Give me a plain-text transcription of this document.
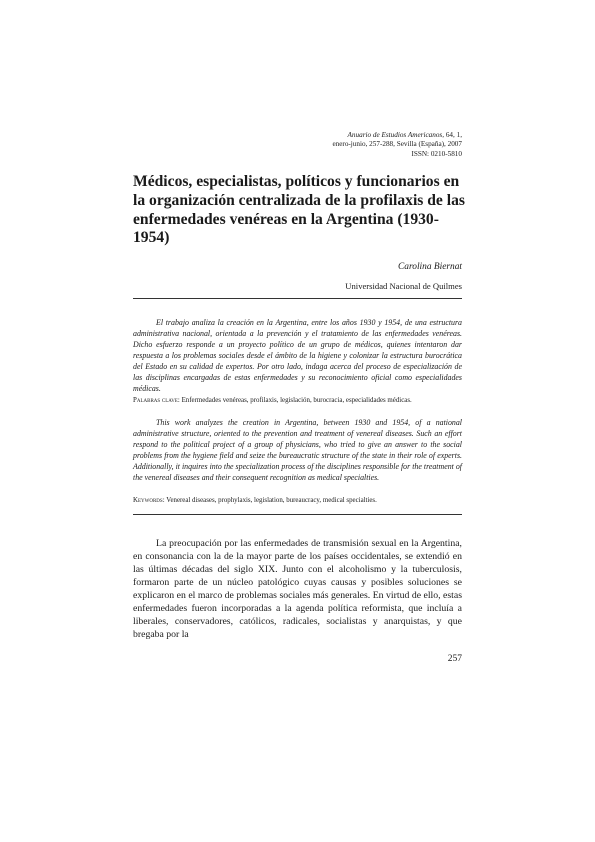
Anuario de Estudios Americanos, 64, 1,
enero-junio, 257-288, Sevilla (España), 2007
ISSN: 0210-5810
Médicos, especialistas, políticos y funcionarios en la organización centralizada de la profilaxis de las enfermedades venéreas en la Argentina (1930-1954)
Carolina Biernat
Universidad Nacional de Quilmes

El trabajo analiza la creación en la Argentina, entre los años 1930 y 1954, de una estructura administrativa nacional, orientada a la prevención y el tratamiento de las enfermedades venéreas. Dicho esfuerzo responde a un proyecto político de un grupo de médicos, quienes intentaron dar respuesta a los problemas sociales desde el ámbito de la higiene y colonizar la estructura burocrática del Estado en su calidad de expertos. Por otro lado, indaga acerca del proceso de especialización de las disciplinas encargadas de estas enfermedades y su reconocimiento oficial como especialidades médicas.

Palabras clave: Enfermedades venéreas, profilaxis, legislación, burocracia, especialidades médicas.

This work analyzes the creation in Argentina, between 1930 and 1954, of a national administrative structure, oriented to the prevention and treatment of venereal diseases. Such an effort respond to the political project of a group of physicians, who tried to give an answer to the social problems from the hygiene field and seize the bureaucratic structure of the state in their role of experts. Additionally, it inquires into the specialization process of the disciplines responsible for the treatment of the venereal diseases and their consequent recognition as medical specialties.

Keywords: Venereal diseases, prophylaxis, legislation, bureaucracy, medical specialties.

La preocupación por las enfermedades de transmisión sexual en la Argentina, en consonancia con la de la mayor parte de los países occidentales, se extendió en las últimas décadas del siglo XIX. Junto con el alcoholismo y la tuberculosis, formaron parte de un núcleo patológico cuyas causas y posibles soluciones se explicaron en el marco de problemas sociales más generales. En virtud de ello, estas enfermedades fueron incorporadas a la agenda política reformista, que incluía a liberales, conservadores, católicos, radicales, socialistas y anarquistas, y que bregaba por la

257
